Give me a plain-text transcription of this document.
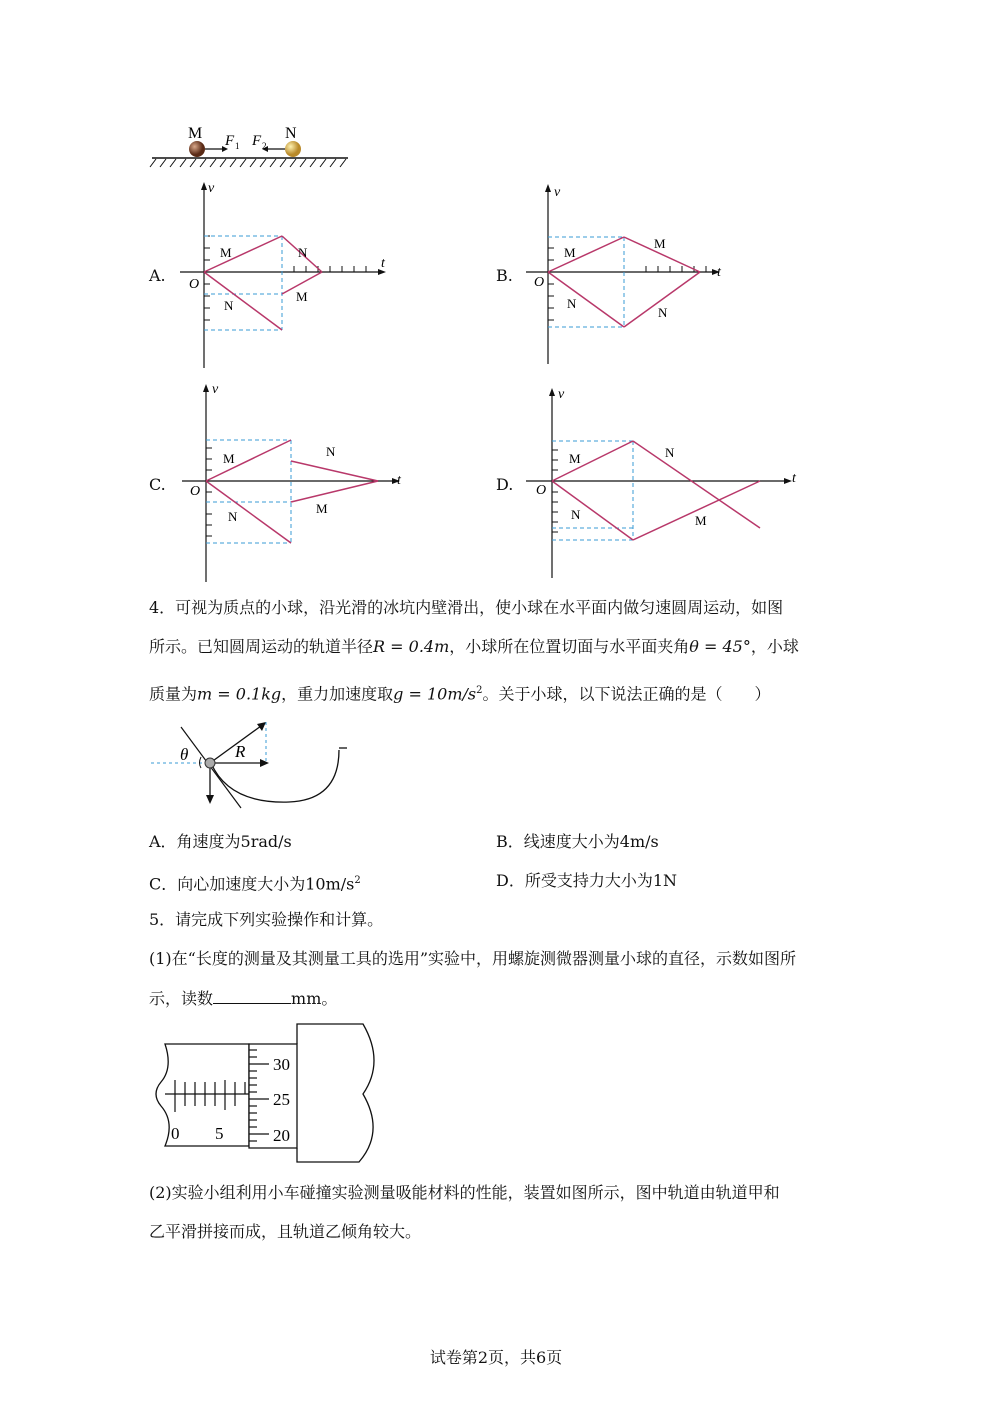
M	N
F 1 F 2
A.
v
t
O
M	N
N
M
B.
v
t
O
M
M
N
N
C.
v
t
O
M	N
N
M
D.
v
t
O
M	N
N	M
4．可视为质点的小球，沿光滑的冰坑内壁滑出，使小球在水平面内做匀速圆周运动，如图
所示。已知圆周运动的轨道半径R = 0.4m，小球所在位置切面与水平面夹角θ = 45°，小球
质量为m = 0.1kg，重力加速度取$g = 10m/s^2$。关于小球，以下说法正确的是（　　）
θ	R
A．角速度为5rad/s	B．线速度大小为4m/s
C．向心加速度大小为$10m/s^2$	D．所受支持力大小为1N
5．请完成下列实验操作和计算。
(1)在“长度的测量及其测量工具的选用”实验中，用螺旋测微器测量小球的直径，示数如图所
示，读数	mm。
30
25
20
0 5
(2)实验小组利用小车碰撞实验测量吸能材料的性能，装置如图所示，图中轨道由轨道甲和
乙平滑拼接而成，且轨道乙倾角较大。
试卷第2页，共6页
